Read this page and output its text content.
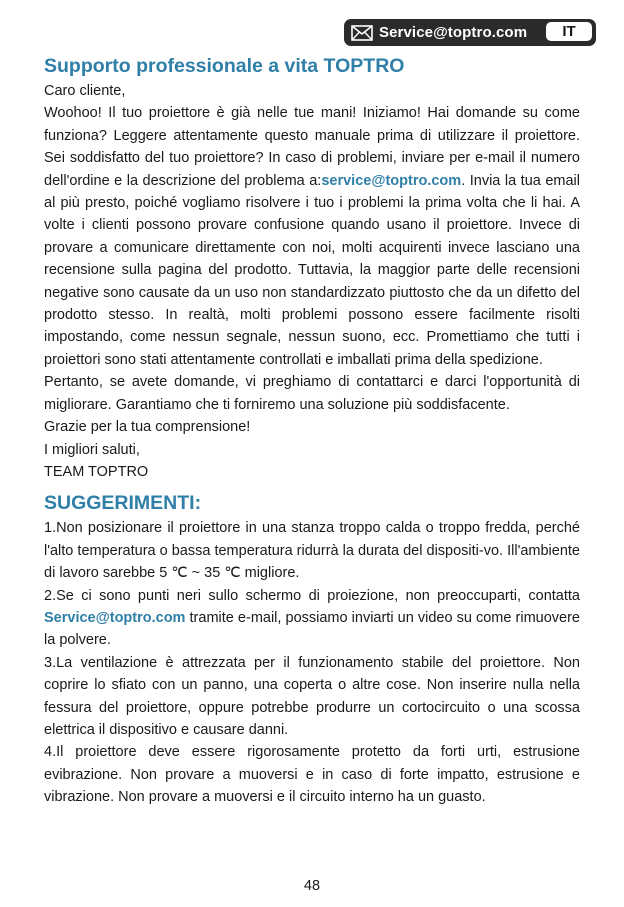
Service@toptro.com	IT
Supporto professionale a vita TOPTRO
Caro cliente,
Woohoo! Il tuo proiettore è già nelle tue mani! Iniziamo! Hai domande su come funziona? Leggere attentamente questo manuale prima di utilizzare il proiettore. Sei soddisfatto del tuo proiettore? In caso di problemi, inviare per e-mail il numero dell'ordine e la descrizione del problema a:service@toptro.com. Invia la tua email al più presto, poiché vogliamo risolvere i tuo i problemi la prima volta che li hai. A volte i clienti possono provare confusione quando usano il proiettore. Invece di provare a comunicare direttamente con noi, molti acquirenti invece lasciano una recensione sulla pagina del prodotto. Tuttavia, la maggior parte delle recensioni negative sono causate da un uso non standardizzato piuttosto che da un difetto del prodotto stesso. In realtà, molti problemi possono essere facilmente risolti impostando, come nessun segnale, nessun suono, ecc. Promettiamo che tutti i proiettori sono stati attentamente controllati e imballati prima della spedizione.
Pertanto, se avete domande, vi preghiamo di contattarci e darci l'opportunità di migliorare. Garantiamo che ti forniremo una soluzione più soddisfacente.
Grazie per la tua comprensione!
I migliori saluti,
TEAM TOPTRO
SUGGERIMENTI:
1.Non posizionare il proiettore in una stanza troppo calda o troppo fredda, perché l'alto temperatura o bassa temperatura ridurrà la durata del dispositi-vo. Ill'ambiente di lavoro sarebbe 5 ℃ ~ 35 ℃ migliore.
2.Se ci sono punti neri sullo schermo di proiezione, non preoccuparti, contatta Service@toptro.com tramite e-mail, possiamo inviarti un video su come rimuovere la polvere.
3.La ventilazione è attrezzata per il funzionamento stabile del proiettore. Non coprire lo sfiato con un panno, una coperta o altre cose. Non inserire nulla nella fessura del proiettore, oppure potrebbe produrre un cortocircuito o una scossa elettrica il dispositivo e causare danni.
4.Il proiettore deve essere rigorosamente protetto da forti urti, estrusione evibrazione. Non provare a muoversi e in caso di forte impatto, estrusione e vibrazione. Non provare a muoversi e il circuito interno ha un guasto.
48
